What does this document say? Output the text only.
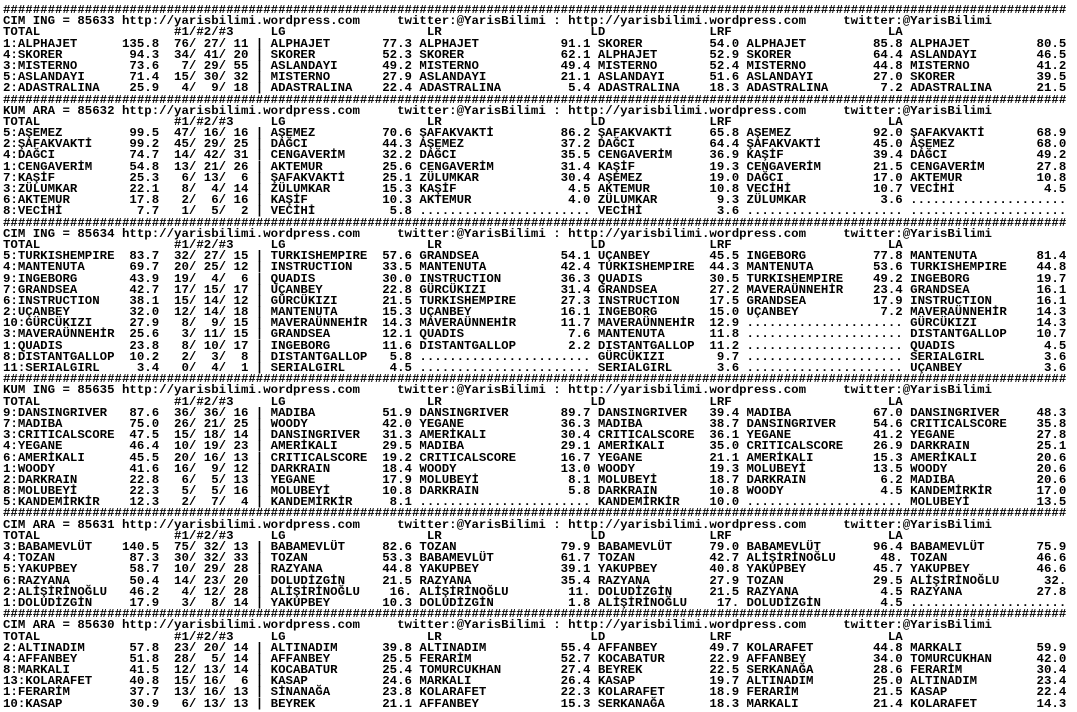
###############################################################################################################################################
CIM ING = 85633 http://yarisbilimi.wordpress.com     twitter:@YarisBilimi : http://yarisbilimi.wordpress.com     twitter:@YarisBilimi
TOTAL                  #1/#2/#3     LG                   LR                    LD              LRF                     LA
1:ALPHAJET      135.8  76/ 27/ 11 | ALPHAJET       77.3 ALPHAJET           91.1 SKORER         54.0 ALPHAJET         85.8 ALPHAJET         80.5
4:SKORER         94.3  34/ 41/ 20 | SKORER         52.3 SKORER             62.1 ALPHAJET       52.9 SKORER           64.4 ASLANDAYI        46.5
3:MISTERNO       73.6   7/ 29/ 55 | ASLANDAYI      49.2 MISTERNO           49.4 MISTERNO       52.4 MISTERNO         44.8 MISTERNO         41.2
5:ASLANDAYI      71.4  15/ 30/ 32 | MISTERNO       27.9 ASLANDAYI          21.1 ASLANDAYI      51.6 ASLANDAYI        27.0 SKORER           39.5
2:ADASTRALINA    25.9   4/  9/ 18 | ADASTRALINA    22.4 ADASTRALINA         5.4 ADASTRALINA    18.3 ADASTRALINA       7.2 ADASTRALINA      21.5
###############################################################################################################################################
KUM ARA = 85632 http://yarisbilimi.wordpress.com     twitter:@YarisBilimi : http://yarisbilimi.wordpress.com     twitter:@YarisBilimi
TOTAL                  #1/#2/#3     LG                   LR                    LD              LRF                     LA
5:AŞEMEZ         99.5  47/ 16/ 16 | AŞEMEZ         70.6 ŞAFAKVAKTİ         86.2 ŞAFAKVAKTİ     65.8 AŞEMEZ           92.0 ŞAFAKVAKTİ       68.9
2:ŞAFAKVAKTİ     99.2  45/ 29/ 25 | DAĞCI          44.3 AŞEMEZ             37.2 DAĞCI          64.4 ŞAFAKVAKTİ       45.0 AŞEMEZ           68.0
4:DAĞCI          74.7  14/ 42/ 31 | CENGAVERİM     32.2 DAĞCI              35.5 CENGAVERİM     36.9 KAŞİF            39.4 DAĞCI            49.2
1:CENGAVERİM     54.8  13/ 21/ 26 | AKTEMUR        25.6 CENGAVERİM         31.4 KAŞİF          19.3 CENGAVERİM       21.5 CENGAVERİM       27.8
7:KAŞİF          25.3   6/ 13/  6 | ŞAFAKVAKTİ     25.1 ZÜLUMKAR           30.4 AŞEMEZ         19.0 DAĞCI            17.0 AKTEMUR          10.8
3:ZÜLUMKAR       22.1   8/  4/ 14 | ZÜLUMKAR       15.3 KAŞİF               4.5 AKTEMUR        10.8 VECİHİ           10.7 VECİHİ            4.5
6:AKTEMUR        17.8   2/  6/ 16 | KAŞİF          10.3 AKTEMUR             4.0 ZÜLUMKAR        9.3 ZÜLUMKAR          3.6 .....................
8:VECİHİ          7.7   1/  5/  2 | VECİHİ          5.8 ....................... VECİHİ          3.6 ..................... .....................
###############################################################################################################################################
CIM ING = 85634 http://yarisbilimi.wordpress.com     twitter:@YarisBilimi : http://yarisbilimi.wordpress.com     twitter:@YarisBilimi
TOTAL                  #1/#2/#3     LG                   LR                    LD              LRF                     LA
5:TURKISHEMPIRE  83.7  32/ 27/ 15 | TURKISHEMPIRE  57.6 GRANDSEA           54.1 UÇANBEY        45.5 INGEBORG         77.8 MANTENUTA        81.4
4:MANTENUTA      69.7  20/ 25/ 12 | INSTRUCTION    33.5 MANTENUTA          42.4 TURKISHEMPIRE  44.3 MANTENUTA        53.6 TURKISHEMPIRE    44.8
9:INGEBORG       43.9  19/  4/  6 | QUADIS         30.0 INSTRUCTION        36.3 QUADIS         30.5 TURKISHEMPIRE    49.2 INGEBORG         19.7
7:GRANDSEA       42.7  17/ 15/ 17 | UÇANBEY        22.8 GÜRCÜKIZI          31.4 GRANDSEA       27.2 MAVERAÜNNEHİR    23.4 GRANDSEA         16.1
6:INSTRUCTION    38.1  15/ 14/ 12 | GÜRCÜKIZI      21.5 TURKISHEMPIRE      27.3 INSTRUCTION    17.5 GRANDSEA         17.9 INSTRUCTION      16.1
2:UÇANBEY        32.0  12/ 14/ 18 | MANTENUTA      15.3 UÇANBEY            16.1 INGEBORG       15.0 UÇANBEY           7.2 MAVERAÜNNEHİR    14.3
10:GÜRCÜKIZI     27.9   8/  9/ 15 | MAVERAÜNNEHİR  14.3 MAVERAÜNNEHİR      11.7 MAVERAÜNNEHİR  12.9 ..................... GÜRCÜKIZI        14.3
3:MAVERAÜNNEHİR  25.6   3/ 11/ 15 | GRANDSEA       12.1 QUADIS              7.6 MANTENUTA      11.8 ..................... DISTANTGALLOP    10.7
1:QUADIS         23.8   8/ 10/ 17 | INGEBORG       11.6 DISTANTGALLOP       2.2 DISTANTGALLOP  11.2 ..................... QUADIS            4.5
8:DISTANTGALLOP  10.2   2/  3/  8 | DISTANTGALLOP   5.8 ....................... GÜRCÜKIZI       9.7 ..................... SERIALGIRL        3.6
11:SERIALGIRL     3.4   0/  4/  1 | SERIALGIRL      4.5 ....................... SERIALGIRL      3.6 ..................... UÇANBEY           3.6
###############################################################################################################################################
KUM ING = 85635 http://yarisbilimi.wordpress.com     twitter:@YarisBilimi : http://yarisbilimi.wordpress.com     twitter:@YarisBilimi
TOTAL                  #1/#2/#3     LG                   LR                    LD              LRF                     LA
9:DANSINGRIVER   87.6  36/ 36/ 16 | MADIBA         51.9 DANSINGRIVER       89.7 DANSINGRIVER   39.4 MADIBA           67.0 DANSINGRIVER     48.3
7:MADIBA         75.0  26/ 21/ 25 | WOODY          42.0 YEGANE             36.3 MADIBA         38.7 DANSINGRIVER     54.6 CRITICALSCORE    35.8
3:CRITICALSCORE  47.5  15/ 18/ 14 | DANSINGRIVER   31.3 AMERİKALI          30.4 CRITICALSCORE  36.1 YEGANE           41.2 YEGANE           27.8
4:YEGANE         46.4  10/ 19/ 23 | AMERİKALI      29.5 MADIBA             29.1 AMERİKALI      35.0 CRITICALSCORE    26.9 DARKRAIN         25.1
6:AMERİKALI      45.5  20/ 16/ 13 | CRITICALSCORE  19.2 CRITICALSCORE      16.7 YEGANE         21.1 AMERİKALI        15.3 AMERİKALI        20.6
1:WOODY          41.6  16/  9/ 12 | DARKRAIN       18.4 WOODY              13.0 WOODY          19.3 MOLUBEYİ         13.5 WOODY            20.6
2:DARKRAIN       22.8   6/  5/ 13 | YEGANE         17.9 MOLUBEYİ            8.1 MOLUBEYİ       18.7 DARKRAIN          6.2 MADIBA           20.6
8:MOLUBEYİ       22.3   5/  5/ 16 | MOLUBEYİ       10.8 DARKRAIN            5.8 DARKRAIN       10.8 WOODY             4.5 KANDEMİRKİR      17.0
5:KANDEMİRKİR    12.3   2/  7/  4 | KANDEMİRKİR     8.1 ....................... KANDEMİRKİR    10.0 ..................... MOLUBEYİ         13.5
###############################################################################################################################################
CIM ARA = 85631 http://yarisbilimi.wordpress.com     twitter:@YarisBilimi : http://yarisbilimi.wordpress.com     twitter:@YarisBilimi
TOTAL                  #1/#2/#3     LG                   LR                    LD              LRF                     LA
3:BABAMEVLÜT    140.5  75/ 32/ 13 | BABAMEVLÜT     82.6 TOZAN              79.9 BABAMEVLÜT     79.0 BABAMEVLÜT       96.4 BABAMEVLÜT       75.9
4:TOZAN          87.3  30/ 32/ 33 | TOZAN          53.3 BABAMEVLÜT         61.7 TOZAN          42.7 ALİŞİRİNOĞLU      48. TOZAN            46.6
5:YAKUPBEY       58.7  10/ 29/ 28 | RAZYANA        44.8 YAKUPBEY           39.1 YAKUPBEY       40.8 YAKUPBEY         45.7 YAKUPBEY         46.6
6:RAZYANA        50.4  14/ 23/ 20 | DOLUDİZGİN     21.5 RAZYANA            35.4 RAZYANA        27.9 TOZAN            29.5 ALİŞİRİNOĞLU      32.
2:ALİŞİRİNOĞLU   46.2   4/ 12/ 28 | ALİŞİRİNOĞLU    16. ALİŞİRİNOĞLU        11. DOLUDİZGİN     21.5 RAZYANA           4.5 RAZYANA          27.8
1:DOLUDİZGİN     17.9   3/  8/ 14 | YAKUPBEY       10.3 DOLUDİZGİN          1.8 ALİŞİRİNOĞLU    17. DOLUDİZGİN        4.5 .....................
###############################################################################################################################################
CIM ARA = 85630 http://yarisbilimi.wordpress.com     twitter:@YarisBilimi : http://yarisbilimi.wordpress.com     twitter:@YarisBilimi
TOTAL                  #1/#2/#3     LG                   LR                    LD              LRF                     LA
2:ALTINADIM      57.8  23/ 20/ 14 | ALTINADIM      39.8 ALTINADIM          55.4 AFFANBEY       49.7 KOLARAFET        44.8 MARKALI          59.9
4:AFFANBEY       51.8  28/  5/ 14 | AFFANBEY       25.5 FERARİM            52.7 KOCABATUR      22.9 AFFANBEY         34.0 TOMURCUKHAN      42.0
8:MARKALI        41.5  12/ 13/ 14 | KOCABATUR      25.4 TOMURCUKHAN        27.4 BEYREK         22.5 SERKANAĞA        28.6 FERARİM          30.4
13:KOLARAFET     40.8  15/ 16/  6 | KASAP          24.6 MARKALI            26.4 KASAP          19.7 ALTINADIM        25.0 ALTINADIM        23.4
1:FERARİM        37.7  13/ 16/ 13 | SİNANAĞA       23.8 KOLARAFET          22.3 KOLARAFET      18.9 FERARİM          21.5 KASAP            22.4
10:KASAP         30.9   6/ 13/ 13 | BEYREK         21.1 AFFANBEY           15.3 SERKANAĞA      18.3 MARKALI          21.4 KOLARAFET        14.3
